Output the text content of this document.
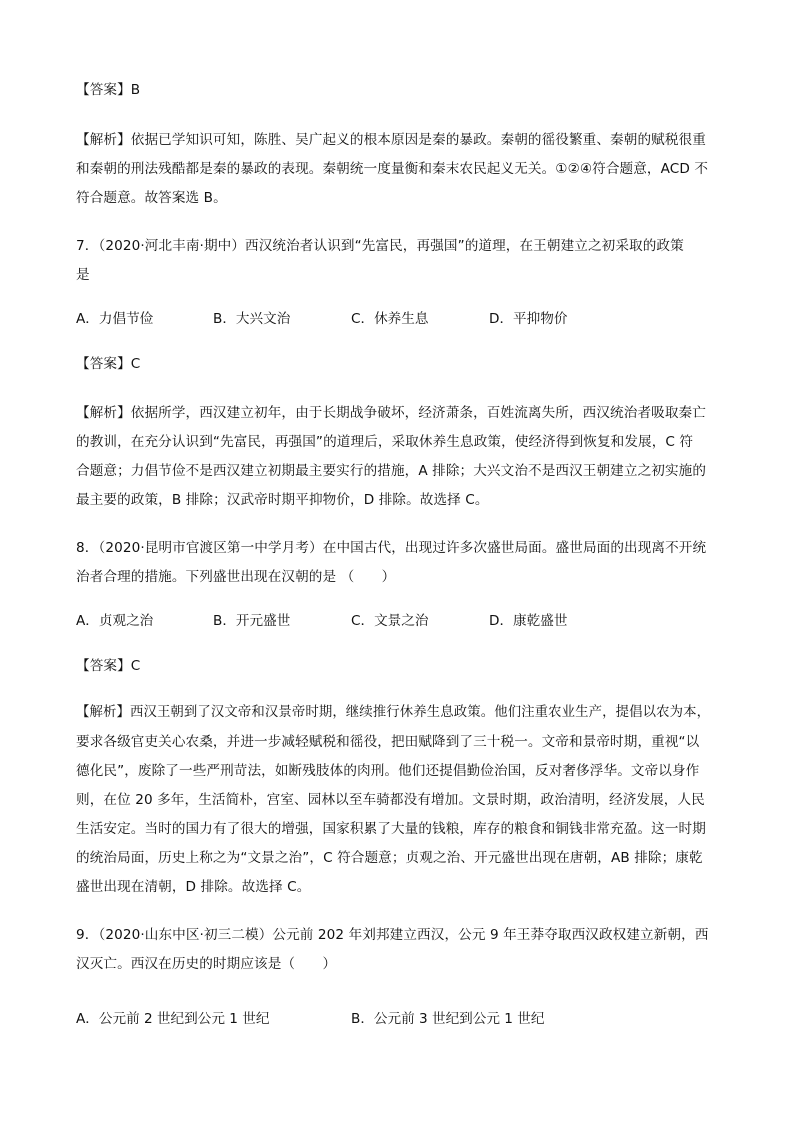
【答案】B
【解析】依据已学知识可知，陈胜、吴广起义的根本原因是秦的暴政。秦朝的徭役繁重、秦朝的赋税很重
和秦朝的刑法残酷都是秦的暴政的表现。秦朝统一度量衡和秦末农民起义无关。①②④符合题意，ACD 不
符合题意。故答案选 B。
7．（2020·河北丰南·期中）西汉统治者认识到“先富民，再强国”的道理，在王朝建立之初采取的政策
是
A．力倡节俭	B．大兴文治	C．休养生息	D．平抑物价
【答案】C
【解析】依据所学，西汉建立初年，由于长期战争破坏，经济萧条，百姓流离失所，西汉统治者吸取秦亡
的教训，在充分认识到“先富民，再强国”的道理后，采取休养生息政策，使经济得到恢复和发展，C 符
合题意；力倡节俭不是西汉建立初期最主要实行的措施，A 排除；大兴文治不是西汉王朝建立之初实施的
最主要的政策，B 排除；汉武帝时期平抑物价，D 排除。故选择 C。
8．（2020·昆明市官渡区第一中学月考）在中国古代，出现过许多次盛世局面。盛世局面的出现离不开统
治者合理的措施。下列盛世出现在汉朝的是 （　　）
A．贞观之治	B．开元盛世	C．文景之治	D．康乾盛世
【答案】C
【解析】西汉王朝到了汉文帝和汉景帝时期，继续推行休养生息政策。他们注重农业生产，提倡以农为本，
要求各级官吏关心农桑，并进一步减轻赋税和徭役，把田赋降到了三十税一。文帝和景帝时期，重视“以
德化民”，废除了一些严刑苛法，如断残肢体的肉刑。他们还提倡勤俭治国，反对奢侈浮华。文帝以身作
则，在位 20 多年，生活简朴，宫室、园林以至车骑都没有增加。文景时期，政治清明，经济发展，人民
生活安定。当时的国力有了很大的增强，国家积累了大量的钱粮，库存的粮食和铜钱非常充盈。这一时期
的统治局面，历史上称之为“文景之治”，C 符合题意；贞观之治、开元盛世出现在唐朝，AB 排除；康乾
盛世出现在清朝，D 排除。故选择 C。
9．（2020·山东中区·初三二模）公元前 202 年刘邦建立西汉，公元 9 年王莽夺取西汉政权建立新朝，西
汉灭亡。西汉在历史的时期应该是（　　）
A．公元前 2 世纪到公元 1 世纪	B．公元前 3 世纪到公元 1 世纪
